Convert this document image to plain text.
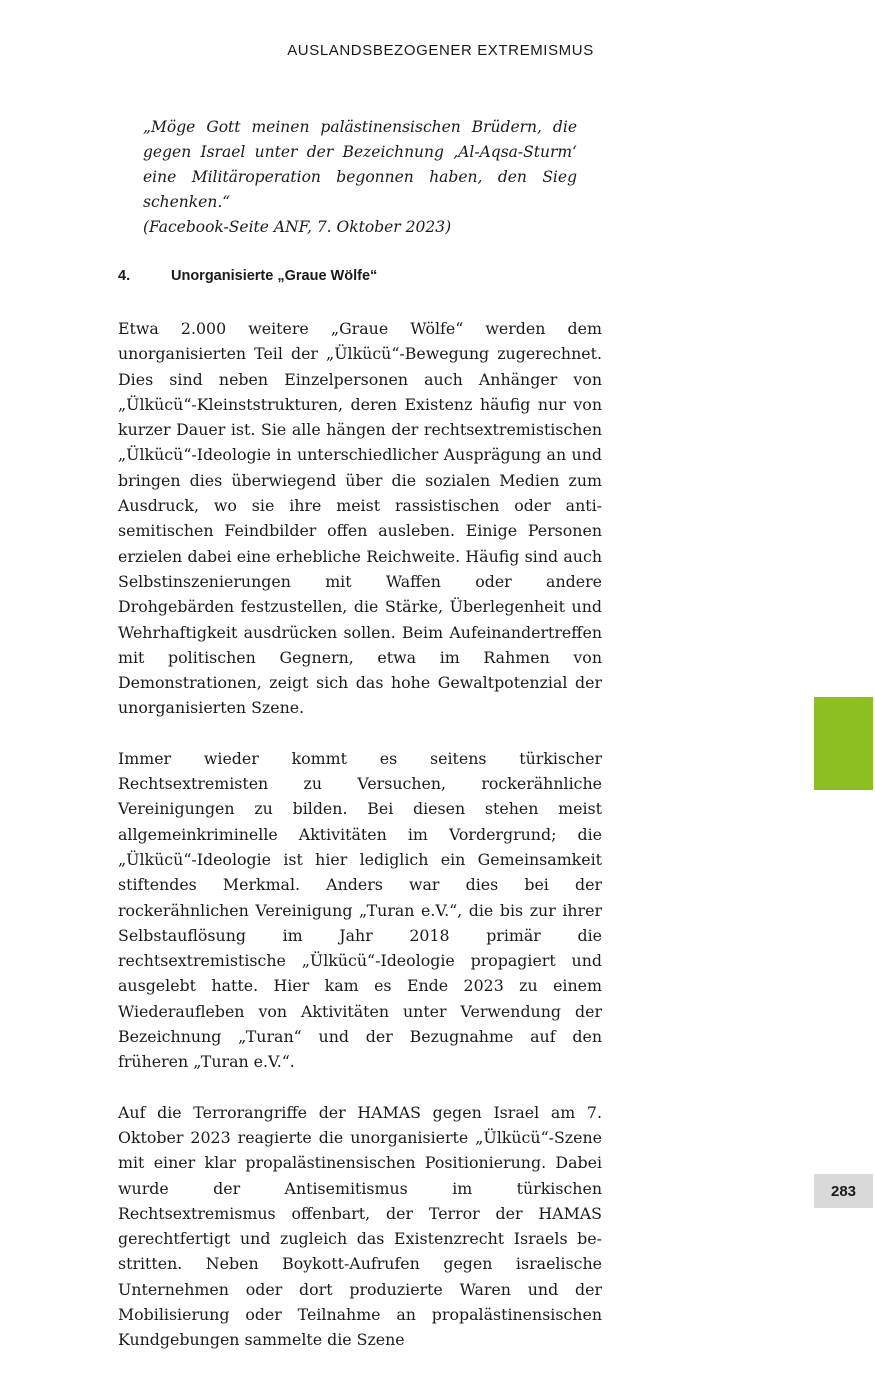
AUSLANDSBEZOGENER EXTREMISMUS

„Möge Gott meinen palästinensischen Brüdern, die gegen Israel unter der Bezeichnung ‚Al-Aqsa-Sturm‘ eine Militäroperation begonnen haben, den Sieg schenken.“

(Facebook-Seite ANF, 7. Oktober 2023)

4.	Unorganisierte „Graue Wölfe“

Etwa 2.000 weitere „Graue Wölfe“ werden dem unorganisierten Teil der „Ülkücü“-Bewegung zugerechnet. Dies sind neben Einzelpersonen auch Anhänger von „Ülkücü“-Kleinststrukturen, deren Existenz häufig nur von kurzer Dauer ist. Sie alle hängen der rechtsextremistischen „Ülkücü“-Ideologie in unterschiedlicher Ausprägung an und bringen dies überwiegend über die sozialen Medien zum Ausdruck, wo sie ihre meist rassistischen oder antisemitischen Feindbilder offen ausleben. Einige Personen erzielen dabei eine erhebliche Reichweite. Häufig sind auch Selbstinszenierungen mit Waffen oder andere Drohgebärden festzustellen, die Stärke, Überlegenheit und Wehrhaftigkeit ausdrücken sollen. Beim Aufeinandertreffen mit politischen Gegnern, etwa im Rahmen von Demonstrationen, zeigt sich das hohe Gewaltpotenzial der unorganisierten Szene.

Immer wieder kommt es seitens türkischer Rechtsextremisten zu Versuchen, rockerähnliche Vereinigungen zu bilden. Bei diesen stehen meist allgemeinkriminelle Aktivitäten im Vordergrund; die „Ülkücü“-Ideologie ist hier lediglich ein Gemeinsamkeit stiftendes Merkmal. Anders war dies bei der rockerähnlichen Vereinigung „Turan e.V.“, die bis zur ihrer Selbstauflösung im Jahr 2018 primär die rechtsextremistische „Ülkücü“-Ideologie propagiert und ausgelebt hatte. Hier kam es Ende 2023 zu einem Wiederaufleben von Aktivitäten unter Verwendung der Bezeichnung „Turan“ und der Bezugnahme auf den früheren „Turan e.V.“.

Auf die Terrorangriffe der HAMAS gegen Israel am 7. Oktober 2023 reagierte die unorganisierte „Ülkücü“-Szene mit einer klar propalästinensischen Positionierung. Dabei wurde der Antisemitismus im türkischen Rechtsextremismus offenbart, der Terror der HAMAS gerechtfertigt und zugleich das Existenzrecht Israels bestritten. Neben Boykott-Aufrufen gegen israelische Unternehmen oder dort produzierte Waren und der Mobilisierung oder Teilnahme an propalästinensischen Kundgebungen sammelte die Szene

283
